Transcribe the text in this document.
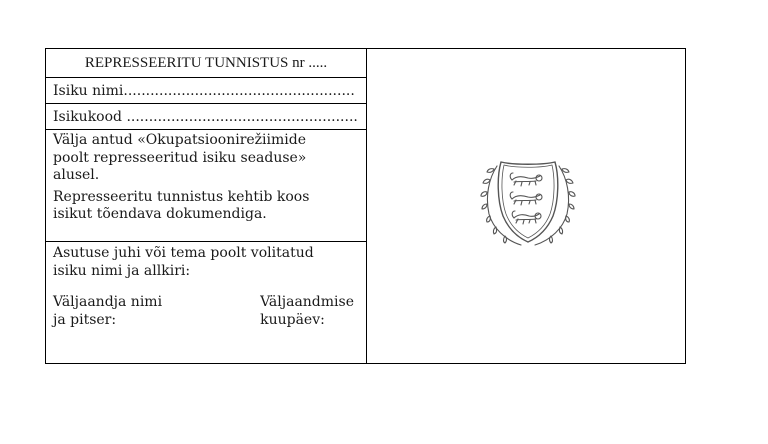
REPRESSEERITU TUNNISTUS nr .....
Isiku nimi....................................................
Isikukood ....................................................

Välja antud «Okupatsioonirežiimide
poolt represseeritud isiku seaduse»
alusel.

Represseeritu tunnistus kehtib koos
isikut tõendava dokumendiga.

Asutuse juhi või tema poolt volitatud
isiku nimi ja allkiri:

Väljaandja nimi
ja pitser:
Väljaandmise
kuupäev:
